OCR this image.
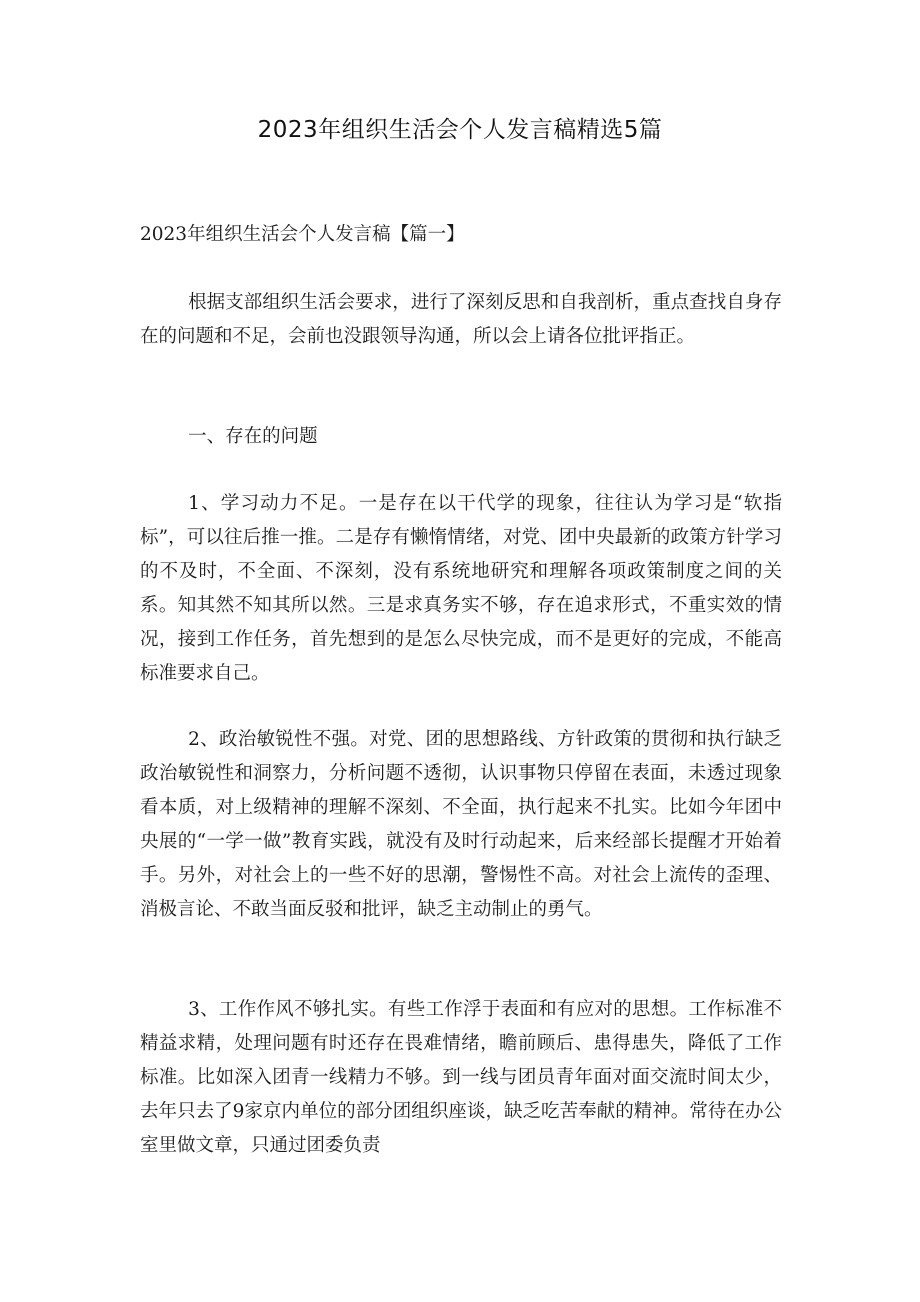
2023年组织生活会个人发言稿精选5篇

2023年组织生活会个人发言稿【篇一】

根据支部组织生活会要求，进行了深刻反思和自我剖析，重点查找自身存在的问题和不足，会前也没跟领导沟通，所以会上请各位批评指正。

一、存在的问题

1、学习动力不足。一是存在以干代学的现象，往往认为学习是“软指标”，可以往后推一推。二是存有懒惰情绪，对党、团中央最新的政策方针学习的不及时，不全面、不深刻，没有系统地研究和理解各项政策制度之间的关系。知其然不知其所以然。三是求真务实不够，存在追求形式，不重实效的情况，接到工作任务，首先想到的是怎么尽快完成，而不是更好的完成，不能高标准要求自己。

2、政治敏锐性不强。对党、团的思想路线、方针政策的贯彻和执行缺乏政治敏锐性和洞察力，分析问题不透彻，认识事物只停留在表面，未透过现象看本质，对上级精神的理解不深刻、不全面，执行起来不扎实。比如今年团中央展的“一学一做”教育实践，就没有及时行动起来，后来经部长提醒才开始着手。另外，对社会上的一些不好的思潮，警惕性不高。对社会上流传的歪理、消极言论、不敢当面反驳和批评，缺乏主动制止的勇气。

3、工作作风不够扎实。有些工作浮于表面和有应对的思想。工作标准不精益求精，处理问题有时还存在畏难情绪，瞻前顾后、患得患失，降低了工作标准。比如深入团青一线精力不够。到一线与团员青年面对面交流时间太少，去年只去了9家京内单位的部分团组织座谈，缺乏吃苦奉献的精神。常待在办公室里做文章，只通过团委负责
